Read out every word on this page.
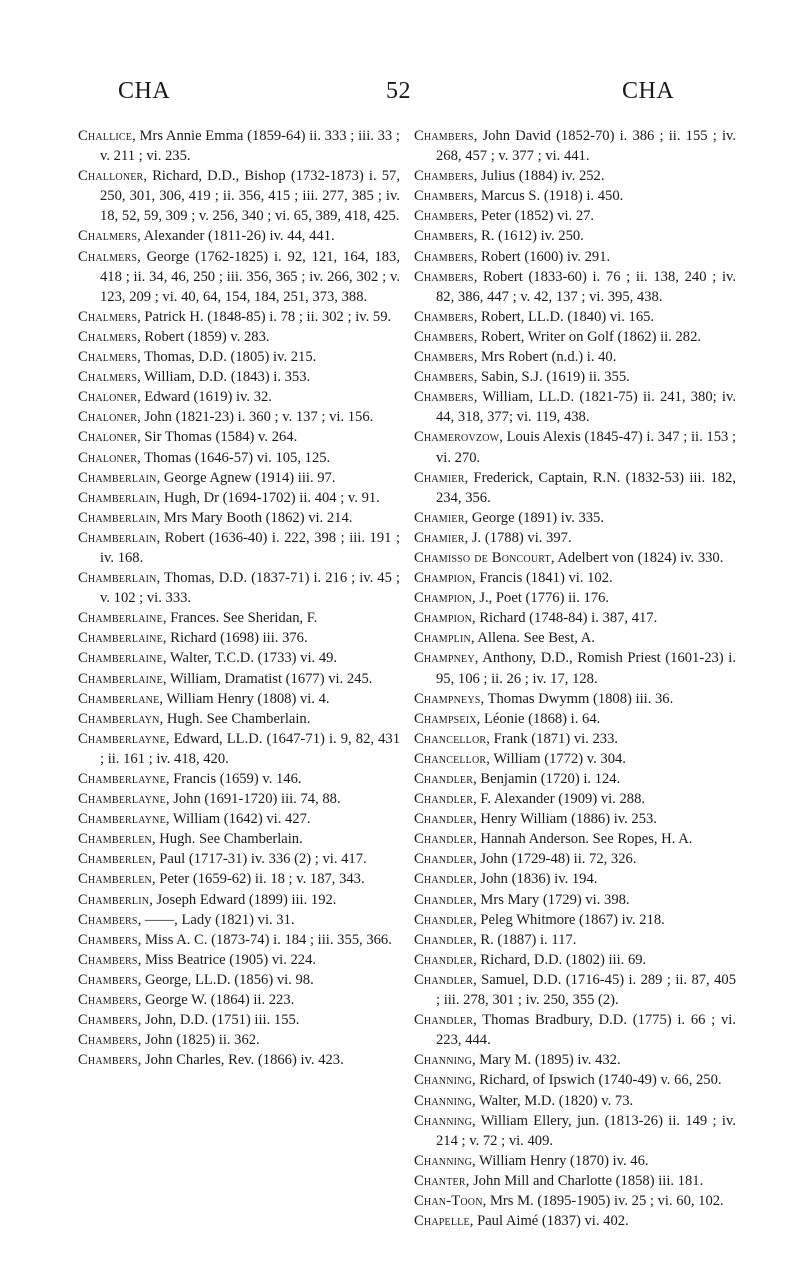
CHA	52	CHA

Challice, Mrs Annie Emma (1859-64) ii. 333 ; iii. 33 ; v. 211 ; vi. 235.

Challoner, Richard, D.D., Bishop (1732-1873) i. 57, 250, 301, 306, 419 ; ii. 356, 415 ; iii. 277, 385 ; iv. 18, 52, 59, 309 ; v. 256, 340 ; vi. 65, 389, 418, 425.

Chalmers, Alexander (1811-26) iv. 44, 441.

Chalmers, George (1762-1825) i. 92, 121, 164, 183, 418 ; ii. 34, 46, 250 ; iii. 356, 365 ; iv. 266, 302 ; v. 123, 209 ; vi. 40, 64, 154, 184, 251, 373, 388.

Chalmers, Patrick H. (1848-85) i. 78 ; ii. 302 ; iv. 59.

Chalmers, Robert (1859) v. 283.

Chalmers, Thomas, D.D. (1805) iv. 215.

Chalmers, William, D.D. (1843) i. 353.

Chaloner, Edward (1619) iv. 32.

Chaloner, John (1821-23) i. 360 ; v. 137 ; vi. 156.

Chaloner, Sir Thomas (1584) v. 264.

Chaloner, Thomas (1646-57) vi. 105, 125.

Chamberlain, George Agnew (1914) iii. 97.

Chamberlain, Hugh, Dr (1694-1702) ii. 404 ; v. 91.

Chamberlain, Mrs Mary Booth (1862) vi. 214.

Chamberlain, Robert (1636-40) i. 222, 398 ; iii. 191 ; iv. 168.

Chamberlain, Thomas, D.D. (1837-71) i. 216 ; iv. 45 ; v. 102 ; vi. 333.

Chamberlaine, Frances. See Sheridan, F.

Chamberlaine, Richard (1698) iii. 376.

Chamberlaine, Walter, T.C.D. (1733) vi. 49.

Chamberlaine, William, Dramatist (1677) vi. 245.

Chamberlane, William Henry (1808) vi. 4.

Chamberlayn, Hugh. See Chamberlain.

Chamberlayne, Edward, LL.D. (1647-71) i. 9, 82, 431 ; ii. 161 ; iv. 418, 420.

Chamberlayne, Francis (1659) v. 146.

Chamberlayne, John (1691-1720) iii. 74, 88.

Chamberlayne, William (1642) vi. 427.

Chamberlen, Hugh. See Chamberlain.

Chamberlen, Paul (1717-31) iv. 336 (2) ; vi. 417.

Chamberlen, Peter (1659-62) ii. 18 ; v. 187, 343.

Chamberlin, Joseph Edward (1899) iii. 192.

Chambers, ——, Lady (1821) vi. 31.

Chambers, Miss A. C. (1873-74) i. 184 ; iii. 355, 366.

Chambers, Miss Beatrice (1905) vi. 224.

Chambers, George, LL.D. (1856) vi. 98.

Chambers, George W. (1864) ii. 223.

Chambers, John, D.D. (1751) iii. 155.

Chambers, John (1825) ii. 362.

Chambers, John Charles, Rev. (1866) iv. 423.

Chambers, John David (1852-70) i. 386 ; ii. 155 ; iv. 268, 457 ; v. 377 ; vi. 441.

Chambers, Julius (1884) iv. 252.

Chambers, Marcus S. (1918) i. 450.

Chambers, Peter (1852) vi. 27.

Chambers, R. (1612) iv. 250.

Chambers, Robert (1600) iv. 291.

Chambers, Robert (1833-60) i. 76 ; ii. 138, 240 ; iv. 82, 386, 447 ; v. 42, 137 ; vi. 395, 438.

Chambers, Robert, LL.D. (1840) vi. 165.

Chambers, Robert, Writer on Golf (1862) ii. 282.

Chambers, Mrs Robert (n.d.) i. 40.

Chambers, Sabin, S.J. (1619) ii. 355.

Chambers, William, LL.D. (1821-75) ii. 241, 380; iv. 44, 318, 377; vi. 119, 438.

Chamerovzow, Louis Alexis (1845-47) i. 347 ; ii. 153 ; vi. 270.

Chamier, Frederick, Captain, R.N. (1832-53) iii. 182, 234, 356.

Chamier, George (1891) iv. 335.

Chamier, J. (1788) vi. 397.

Chamisso de Boncourt, Adelbert von (1824) iv. 330.

Champion, Francis (1841) vi. 102.

Champion, J., Poet (1776) ii. 176.

Champion, Richard (1748-84) i. 387, 417.

Champlin, Allena. See Best, A.

Champney, Anthony, D.D., Romish Priest (1601-23) i. 95, 106 ; ii. 26 ; iv. 17, 128.

Champneys, Thomas Dwymm (1808) iii. 36.

Champseix, Léonie (1868) i. 64.

Chancellor, Frank (1871) vi. 233.

Chancellor, William (1772) v. 304.

Chandler, Benjamin (1720) i. 124.

Chandler, F. Alexander (1909) vi. 288.

Chandler, Henry William (1886) iv. 253.

Chandler, Hannah Anderson. See Ropes, H. A.

Chandler, John (1729-48) ii. 72, 326.

Chandler, John (1836) iv. 194.

Chandler, Mrs Mary (1729) vi. 398.

Chandler, Peleg Whitmore (1867) iv. 218.

Chandler, R. (1887) i. 117.

Chandler, Richard, D.D. (1802) iii. 69.

Chandler, Samuel, D.D. (1716-45) i. 289 ; ii. 87, 405 ; iii. 278, 301 ; iv. 250, 355 (2).

Chandler, Thomas Bradbury, D.D. (1775) i. 66 ; vi. 223, 444.

Channing, Mary M. (1895) iv. 432.

Channing, Richard, of Ipswich (1740-49) v. 66, 250.

Channing, Walter, M.D. (1820) v. 73.

Channing, William Ellery, jun. (1813-26) ii. 149 ; iv. 214 ; v. 72 ; vi. 409.

Channing, William Henry (1870) iv. 46.

Chanter, John Mill and Charlotte (1858) iii. 181.

Chan-Toon, Mrs M. (1895-1905) iv. 25 ; vi. 60, 102.

Chapelle, Paul Aimé (1837) vi. 402.
